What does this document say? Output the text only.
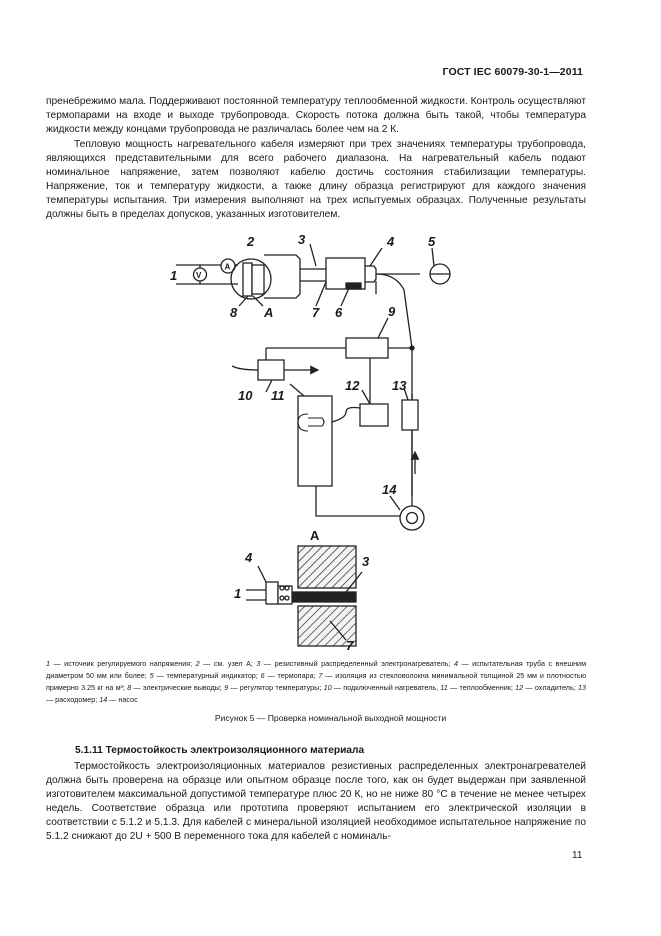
ГОСТ IEC 60079-30-1—2011

пренебрежимо мала. Поддерживают постоянной температуру теплообменной жидкости. Контроль осуществляют термопарами на входе и выходе трубопровода. Скорость потока должна быть такой, чтобы температура жидкости между концами трубопровода не различалась более чем на 2 К.

Тепловую мощность нагревательного кабеля измеряют при трех значениях температуры трубопровода, являющихся представительными для всего рабочего диапазона. На нагревательный кабель подают номинальное напряжение, затем позволяют кабелю достичь состояния стабилизации температуры. Напряжение, ток и температуру жидкости, а также длину образца регистрируют для каждого значения температуры испытания. Три измерения выполняют на трех испытуемых образцах. Полученные результаты должны быть в пределах допусков, указанных изготовителем.

1
2	3	4	5
6
7
8 A	9
10 11
12	13
14
A
4	3
1
7
V
A

1 — источник регулируемого напряжения; 2 — см. узел А; 3 — резистивный распределенный электронагреватель; 4 — испытательная труба с внешним диаметром 50 мм или более; 5 — температурный индикатор; 6 — термопара; 7 — изоляция из стекловолокна минимальной толщиной 25 мм и плотностью примерно 3.25 кг на м³; 8 — электрические выводы; 9 — регулятор температуры; 10 — подключенный нагреватель, 11 — теплообменник; 12 — охладитель; 13 — расходомер; 14 — насос

Рисунок 5 — Проверка номинальной выходной мощности
5.1.11 Термостойкость электроизоляционного материала

Термостойкость электроизоляционных материалов резистивных распределенных электронагревателей должна быть проверена на образце или опытном образце после того, как он будет выдержан при заявленной изготовителем максимальной допустимой температуре плюс 20 К, но не ниже 80 °С в течение не менее четырех недель. Соответствие образца или прототипа проверяют испытанием его электрической изоляции в соответствии с 5.1.2 и 5.1.3. Для кабелей с минеральной изоляцией необходимое испытательное напряжение по 5.1.2 снижают до 2U + 500 В переменного тока для кабелей с номиналь-

11
